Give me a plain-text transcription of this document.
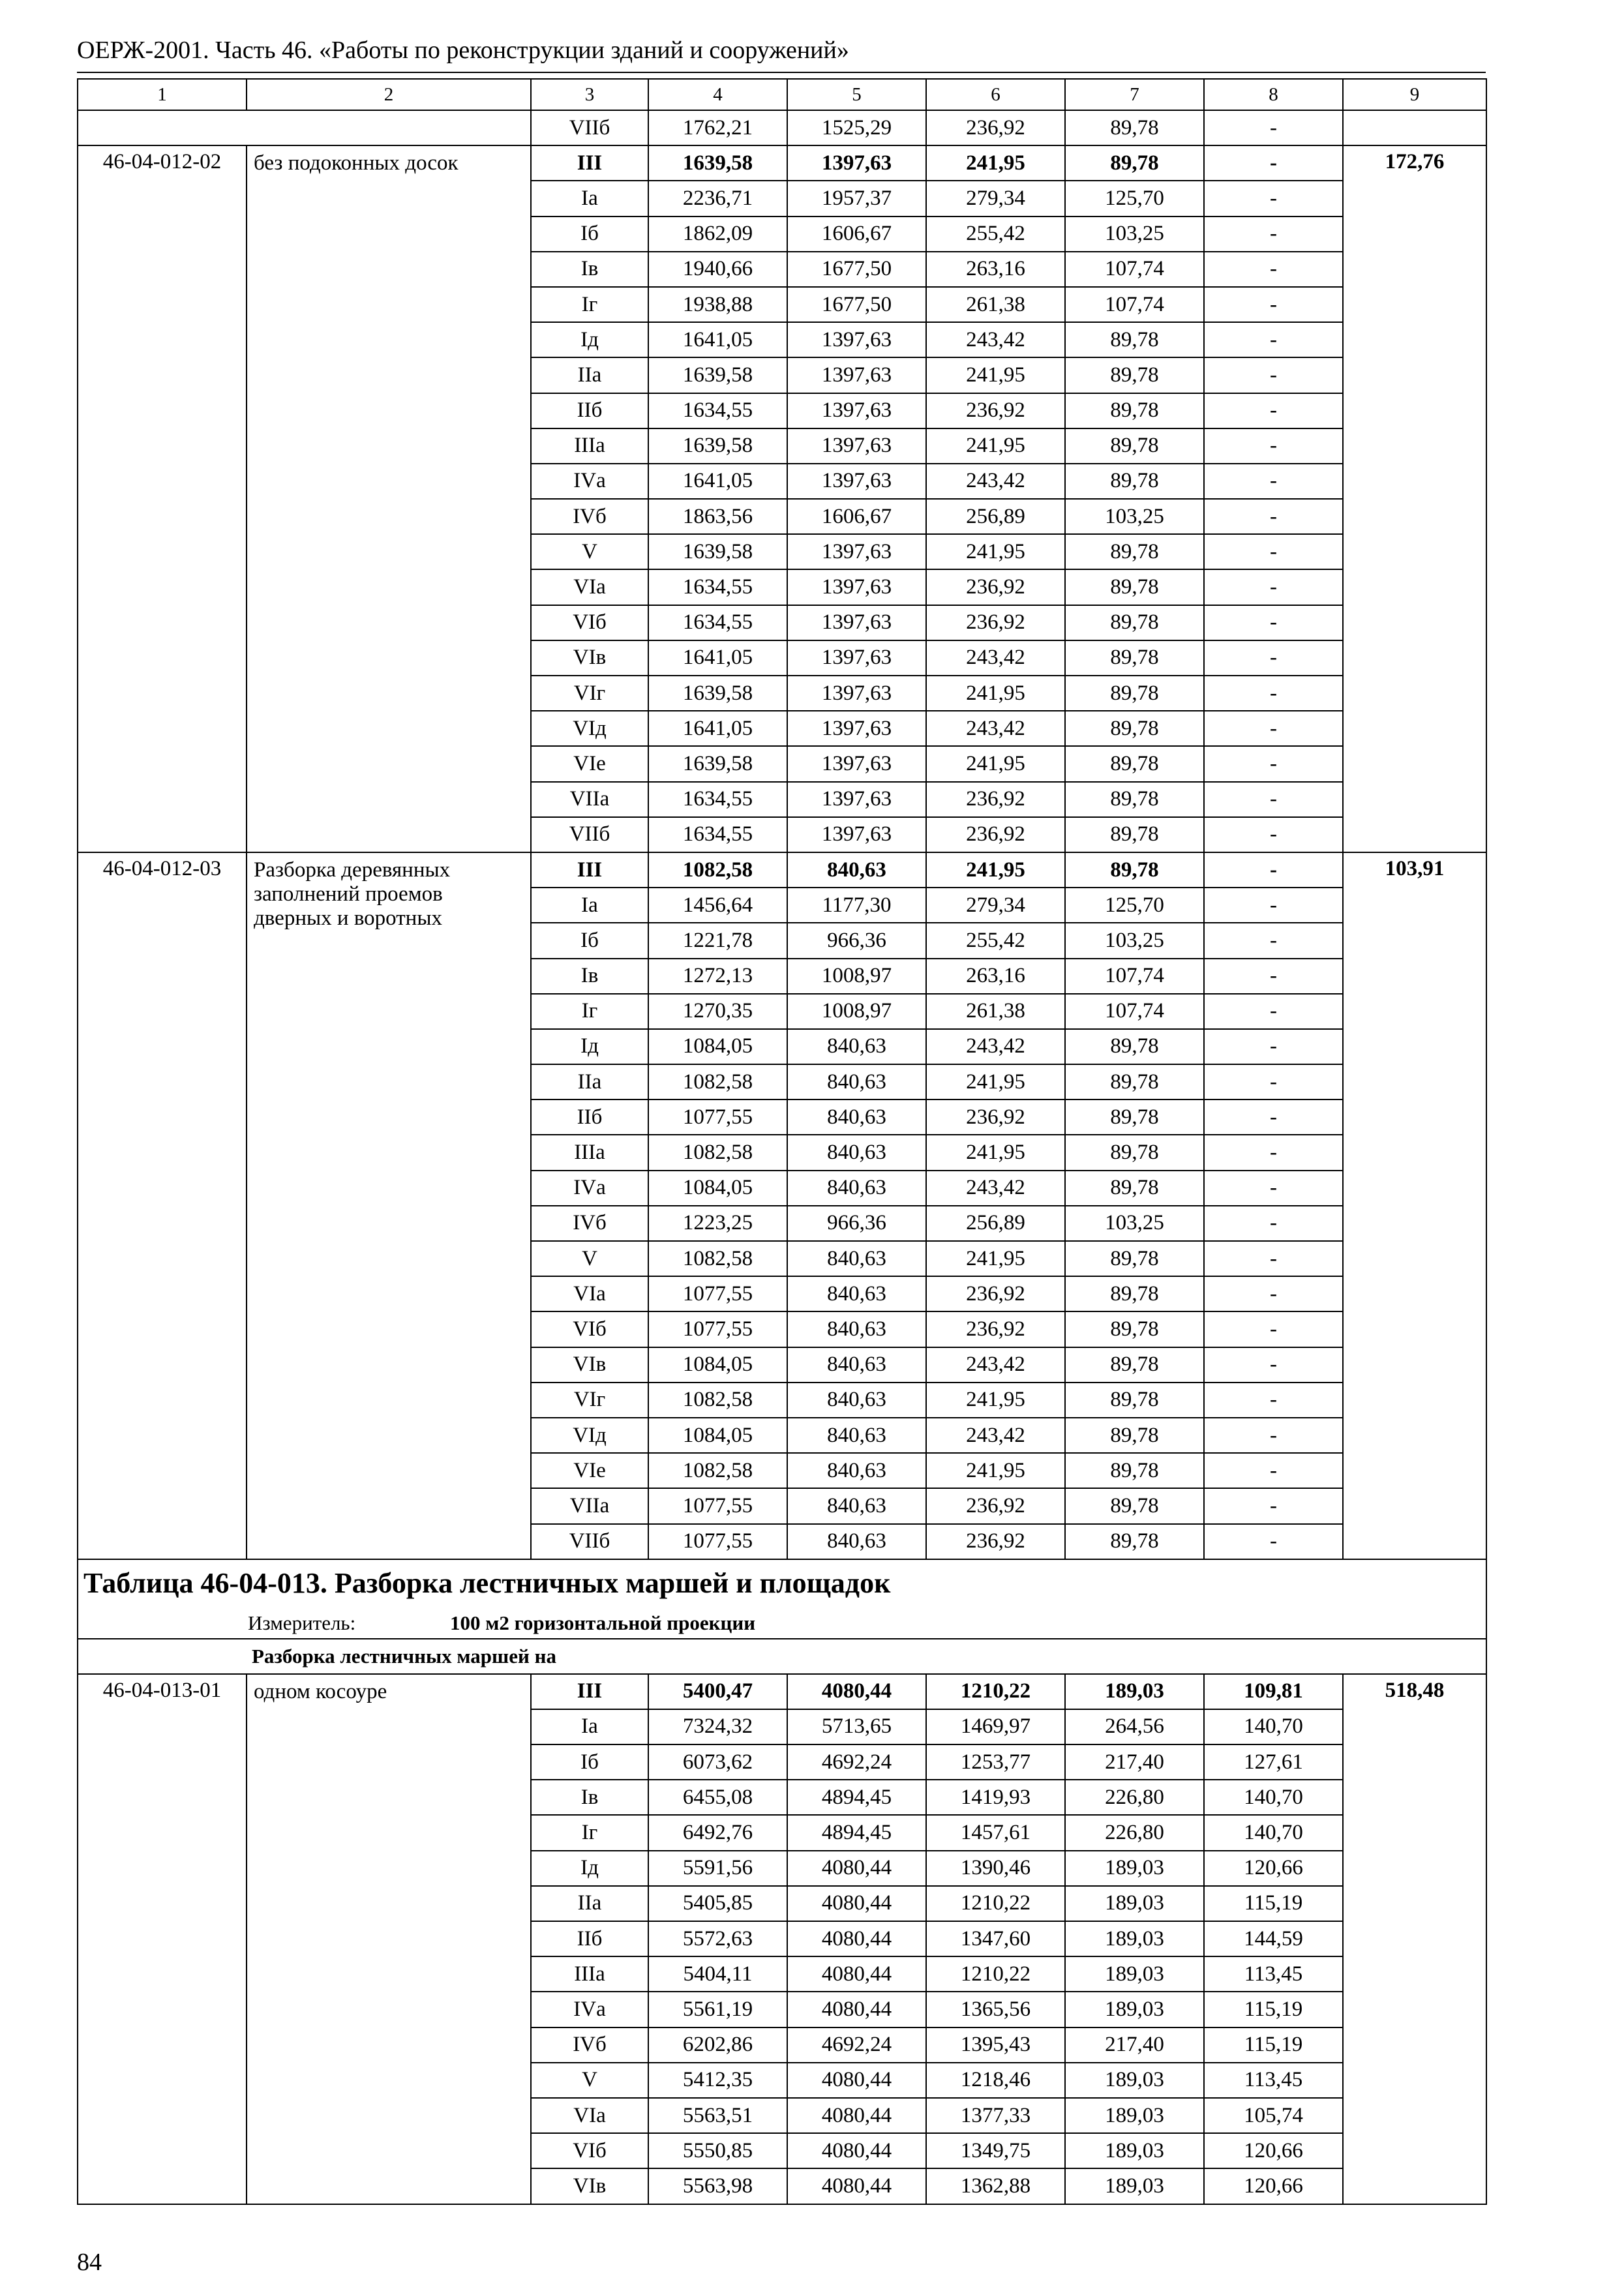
ОЕРЖ-2001. Часть 46. «Работы по реконструкции зданий и сооружений»
1	2	3	4	5	6	7	8	9
		VIIб	1762,21	1525,29	236,92	89,78	-	
46-04-012-02	без подоконных досок	III	1639,58	1397,63	241,95	89,78	-	172,76
		Iа	2236,71	1957,37	279,34	125,70	-	
		Iб	1862,09	1606,67	255,42	103,25	-	
		Iв	1940,66	1677,50	263,16	107,74	-	
		Iг	1938,88	1677,50	261,38	107,74	-	
		Iд	1641,05	1397,63	243,42	89,78	-	
		IIа	1639,58	1397,63	241,95	89,78	-	
		IIб	1634,55	1397,63	236,92	89,78	-	
		IIIа	1639,58	1397,63	241,95	89,78	-	
		IVа	1641,05	1397,63	243,42	89,78	-	
		IVб	1863,56	1606,67	256,89	103,25	-	
		V	1639,58	1397,63	241,95	89,78	-	
		VIа	1634,55	1397,63	236,92	89,78	-	
		VIб	1634,55	1397,63	236,92	89,78	-	
		VIв	1641,05	1397,63	243,42	89,78	-	
		VIг	1639,58	1397,63	241,95	89,78	-	
		VIд	1641,05	1397,63	243,42	89,78	-	
		VIе	1639,58	1397,63	241,95	89,78	-	
		VIIа	1634,55	1397,63	236,92	89,78	-	
		VIIб	1634,55	1397,63	236,92	89,78	-	
46-04-012-03	Разборка деревянных заполнений проемов дверных и воротных	III	1082,58	840,63	241,95	89,78	-	103,91
		Iа	1456,64	1177,30	279,34	125,70	-	
		Iб	1221,78	966,36	255,42	103,25	-	
		Iв	1272,13	1008,97	263,16	107,74	-	
		Iг	1270,35	1008,97	261,38	107,74	-	
		Iд	1084,05	840,63	243,42	89,78	-	
		IIа	1082,58	840,63	241,95	89,78	-	
		IIб	1077,55	840,63	236,92	89,78	-	
		IIIа	1082,58	840,63	241,95	89,78	-	
		IVа	1084,05	840,63	243,42	89,78	-	
		IVб	1223,25	966,36	256,89	103,25	-	
		V	1082,58	840,63	241,95	89,78	-	
		VIа	1077,55	840,63	236,92	89,78	-	
		VIб	1077,55	840,63	236,92	89,78	-	
		VIв	1084,05	840,63	243,42	89,78	-	
		VIг	1082,58	840,63	241,95	89,78	-	
		VIд	1084,05	840,63	243,42	89,78	-	
		VIе	1082,58	840,63	241,95	89,78	-	
		VIIа	1077,55	840,63	236,92	89,78	-	
		VIIб	1077,55	840,63	236,92	89,78	-	
Таблица 46-04-013. Разборка лестничных маршей и площадок								
Измеритель: 100 м2 горизонтальной проекции								
	Разборка лестничных маршей на							
46-04-013-01	одном косоуре	III	5400,47	4080,44	1210,22	189,03	109,81	518,48
		Iа	7324,32	5713,65	1469,97	264,56	140,70	
		Iб	6073,62	4692,24	1253,77	217,40	127,61	
		Iв	6455,08	4894,45	1419,93	226,80	140,70	
		Iг	6492,76	4894,45	1457,61	226,80	140,70	
		Iд	5591,56	4080,44	1390,46	189,03	120,66	
		IIа	5405,85	4080,44	1210,22	189,03	115,19	
		IIб	5572,63	4080,44	1347,60	189,03	144,59	
		IIIа	5404,11	4080,44	1210,22	189,03	113,45	
		IVа	5561,19	4080,44	1365,56	189,03	115,19	
		IVб	6202,86	4692,24	1395,43	217,40	115,19	
		V	5412,35	4080,44	1218,46	189,03	113,45	
		VIа	5563,51	4080,44	1377,33	189,03	105,74	
		VIб	5550,85	4080,44	1349,75	189,03	120,66	
		VIв	5563,98	4080,44	1362,88	189,03	120,66	
84
